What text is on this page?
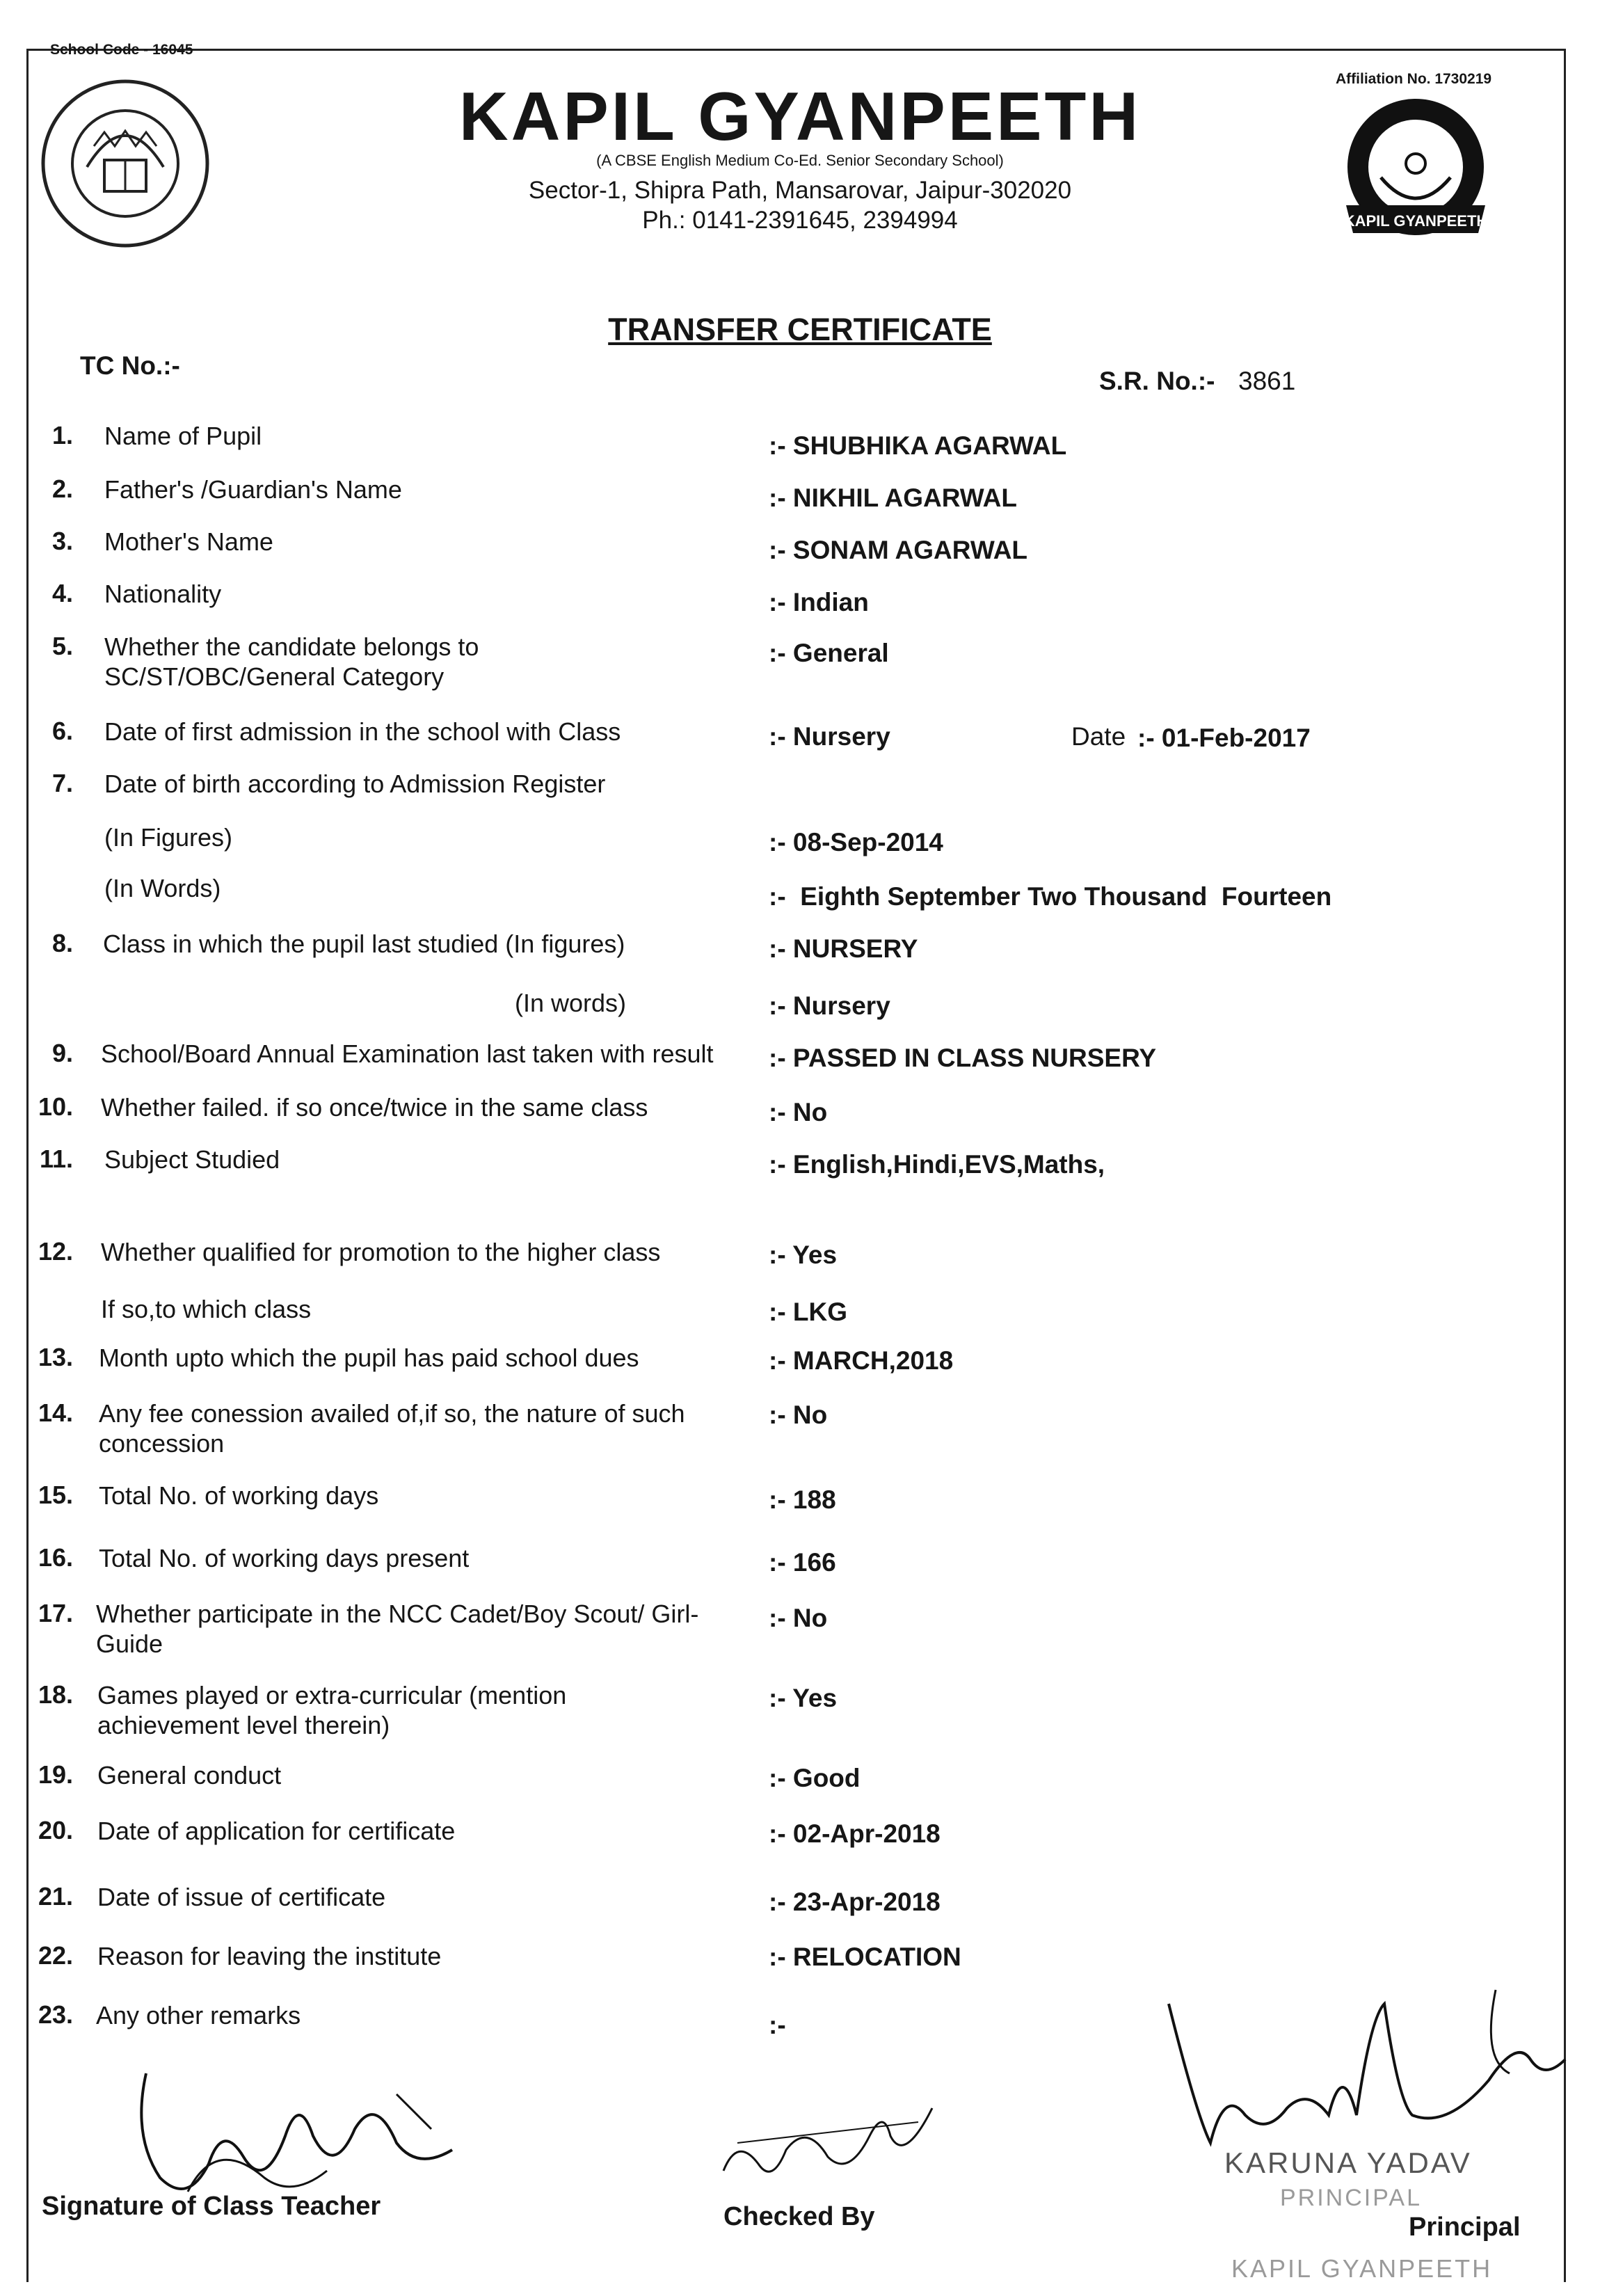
School Code - 16045
Affiliation No. 1730219
KAPIL GYANPEETH
KAPIL GYANPEETH
(A CBSE English Medium Co-Ed. Senior Secondary School)
Sector-1, Shipra Path, Mansarovar, Jaipur-302020
Ph.: 0141-2391645, 2394994
TRANSFER CERTIFICATE
TC No.:-
S.R. No.:- 3861
1. Name of Pupil	:- SHUBHIKA AGARWAL
2. Father's /Guardian's Name	:- NIKHIL AGARWAL
3. Mother's Name	:- SONAM AGARWAL
4. Nationality	:- Indian
5. Whether the candidate belongs to SC/ST/OBC/General Category
:- General
6. Date of first admission in the school with Class	:- Nursery	Date :- 01-Feb-2017
7. Date of birth according to Admission Register
(In Figures)	:- 08-Sep-2014
(In Words)	:-  Eighth September Two Thousand  Fourteen
8. Class in which the pupil last studied (In figures)	:- NURSERY
(In words)	:- Nursery
9. School/Board Annual Examination last taken with result	:- PASSED IN CLASS NURSERY
10. Whether failed. if so once/twice in the same class	:- No
11. Subject Studied	:- English,Hindi,EVS,Maths,
12. Whether qualified for promotion to the higher class	:- Yes
If so,to which class	:- LKG
13. Month upto which the pupil has paid school dues	:- MARCH,2018
14. Any fee conession availed of,if so, the nature of such concession
:- No
15. Total No. of working days	:- 188
16. Total No. of working days present	:- 166
17. Whether participate in the NCC Cadet/Boy Scout/ Girl-Guide
:- No
18. Games played or extra-curricular (mention achievement level therein)
:- Yes
19. General conduct	:- Good
20. Date of application for certificate	:- 02-Apr-2018
21. Date of issue of certificate	:- 23-Apr-2018
22. Reason for leaving the institute	:- RELOCATION
23. Any other remarks	:-
Signature of Class Teacher	Checked By
KARUNA YADAV
PRINCIPAL
KAPIL GYANPEETH
Principal
